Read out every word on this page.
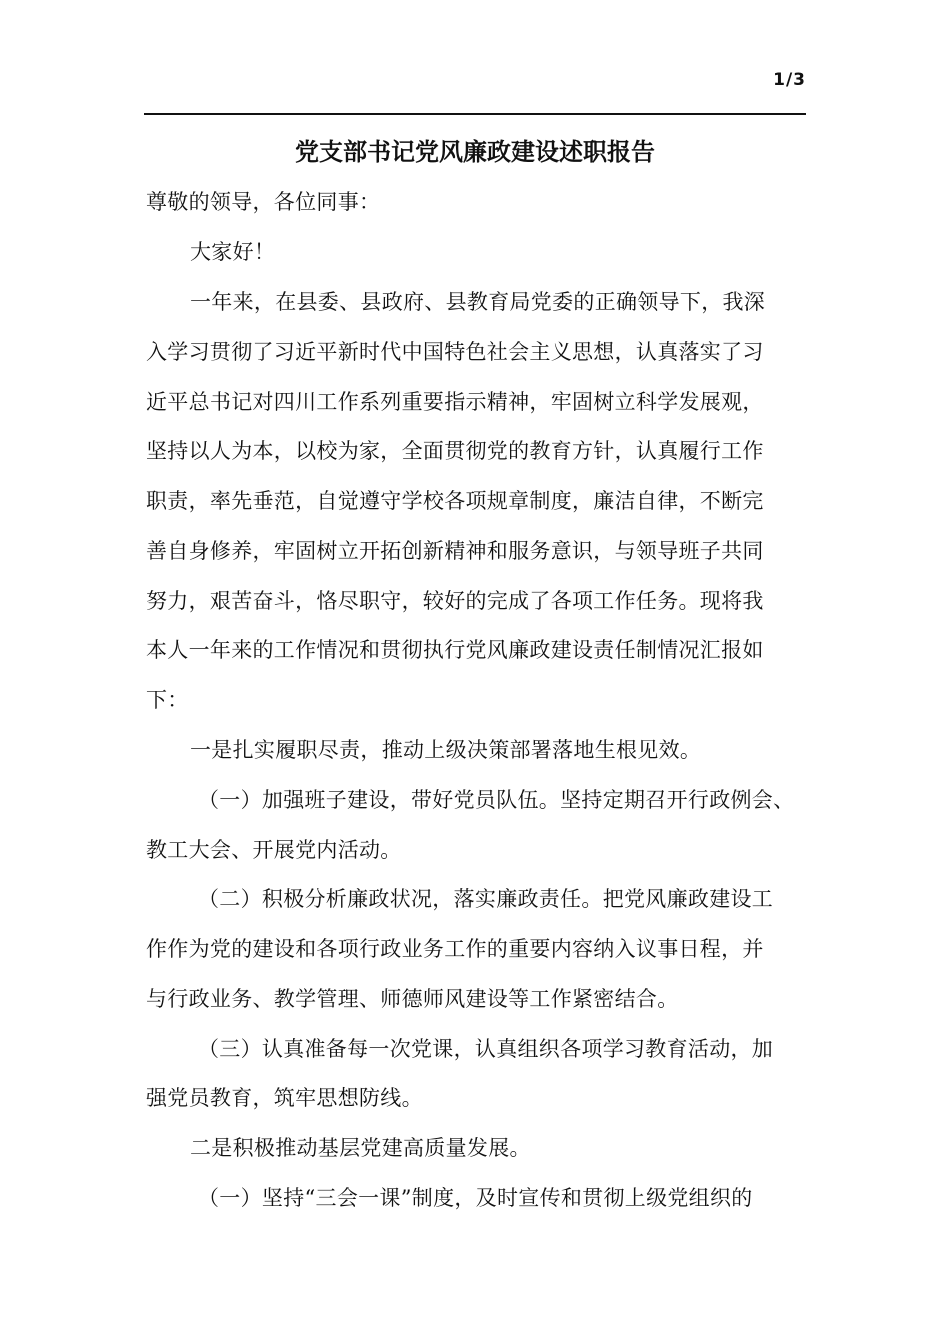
1/3
党支部书记党风廉政建设述职报告
尊敬的领导，各位同事：
大家好！
一年来，在县委、县政府、县教育局党委的正确领导下，我深
入学习贯彻了习近平新时代中国特色社会主义思想，认真落实了习
近平总书记对四川工作系列重要指示精神，牢固树立科学发展观，
坚持以人为本，以校为家，全面贯彻党的教育方针，认真履行工作
职责，率先垂范，自觉遵守学校各项规章制度，廉洁自律，不断完
善自身修养，牢固树立开拓创新精神和服务意识，与领导班子共同
努力，艰苦奋斗，恪尽职守，较好的完成了各项工作任务。现将我
本人一年来的工作情况和贯彻执行党风廉政建设责任制情况汇报如
下：
一是扎实履职尽责，推动上级决策部署落地生根见效。
（一）加强班子建设，带好党员队伍。坚持定期召开行政例会、
教工大会、开展党内活动。
（二）积极分析廉政状况，落实廉政责任。把党风廉政建设工
作作为党的建设和各项行政业务工作的重要内容纳入议事日程，并
与行政业务、教学管理、师德师风建设等工作紧密结合。
（三）认真准备每一次党课，认真组织各项学习教育活动，加
强党员教育，筑牢思想防线。
二是积极推动基层党建高质量发展。
（一）坚持“三会一课”制度，及时宣传和贯彻上级党组织的
